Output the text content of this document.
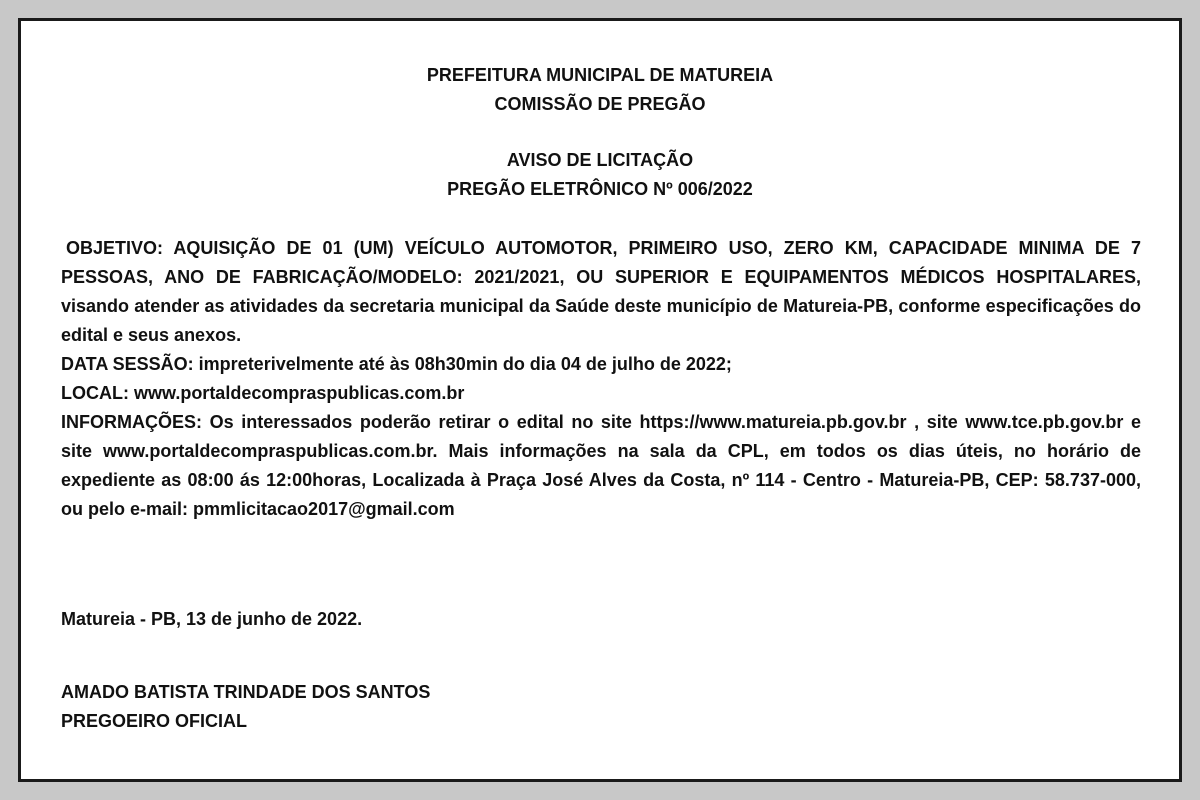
PREFEITURA MUNICIPAL DE MATUREIA
COMISSÃO DE PREGÃO
AVISO DE LICITAÇÃO
PREGÃO ELETRÔNICO Nº 006/2022

OBJETIVO: AQUISIÇÃO DE 01 (UM) VEÍCULO AUTOMOTOR, PRIMEIRO USO, ZERO KM, CAPACIDADE MINIMA DE 7 PESSOAS, ANO DE FABRICAÇÃO/MODELO: 2021/2021, OU SUPERIOR E EQUIPAMENTOS MÉDICOS HOSPITALARES, visando atender as atividades da secretaria municipal da Saúde deste município de Matureia-PB, conforme especificações do edital e seus anexos.

DATA SESSÃO: impreterivelmente até às 08h30min do dia 04 de julho de 2022;

LOCAL: www.portaldecompraspublicas.com.br

INFORMAÇÕES: Os interessados poderão retirar o edital no site https://www.matureia.pb.gov.br , site www.tce.pb.gov.br e site www.portaldecompraspublicas.com.br. Mais informações na sala da CPL, em todos os dias úteis, no horário de expediente as 08:00 ás 12:00horas, Localizada à Praça José Alves da Costa, nº 114 - Centro - Matureia-PB, CEP: 58.737-000, ou pelo e-mail: pmmlicitacao2017@gmail.com

Matureia - PB, 13 de junho de 2022.
AMADO BATISTA TRINDADE DOS SANTOS
PREGOEIRO OFICIAL
